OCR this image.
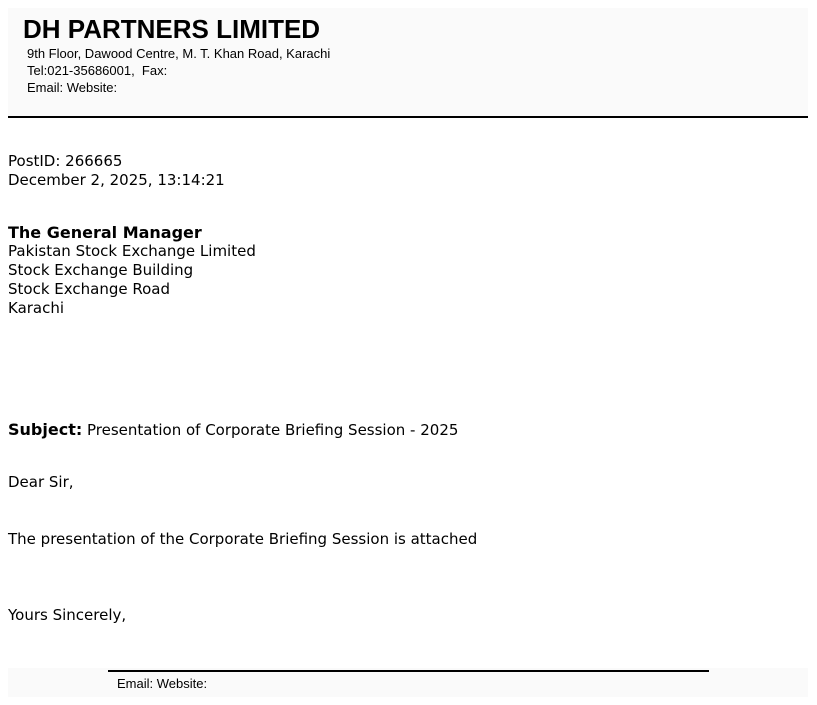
DH PARTNERS LIMITED
9th Floor, Dawood Centre, M. T. Khan Road, Karachi
Tel:021-35686001,  Fax:
Email: Website:
PostID: 266665
December 2, 2025, 13:14:21
The General Manager
Pakistan Stock Exchange Limited
Stock Exchange Building
Stock Exchange Road
Karachi
Subject: Presentation of Corporate Briefing Session - 2025
Dear Sir,
The presentation of the Corporate Briefing Session is attached
Yours Sincerely,
Email: Website:
